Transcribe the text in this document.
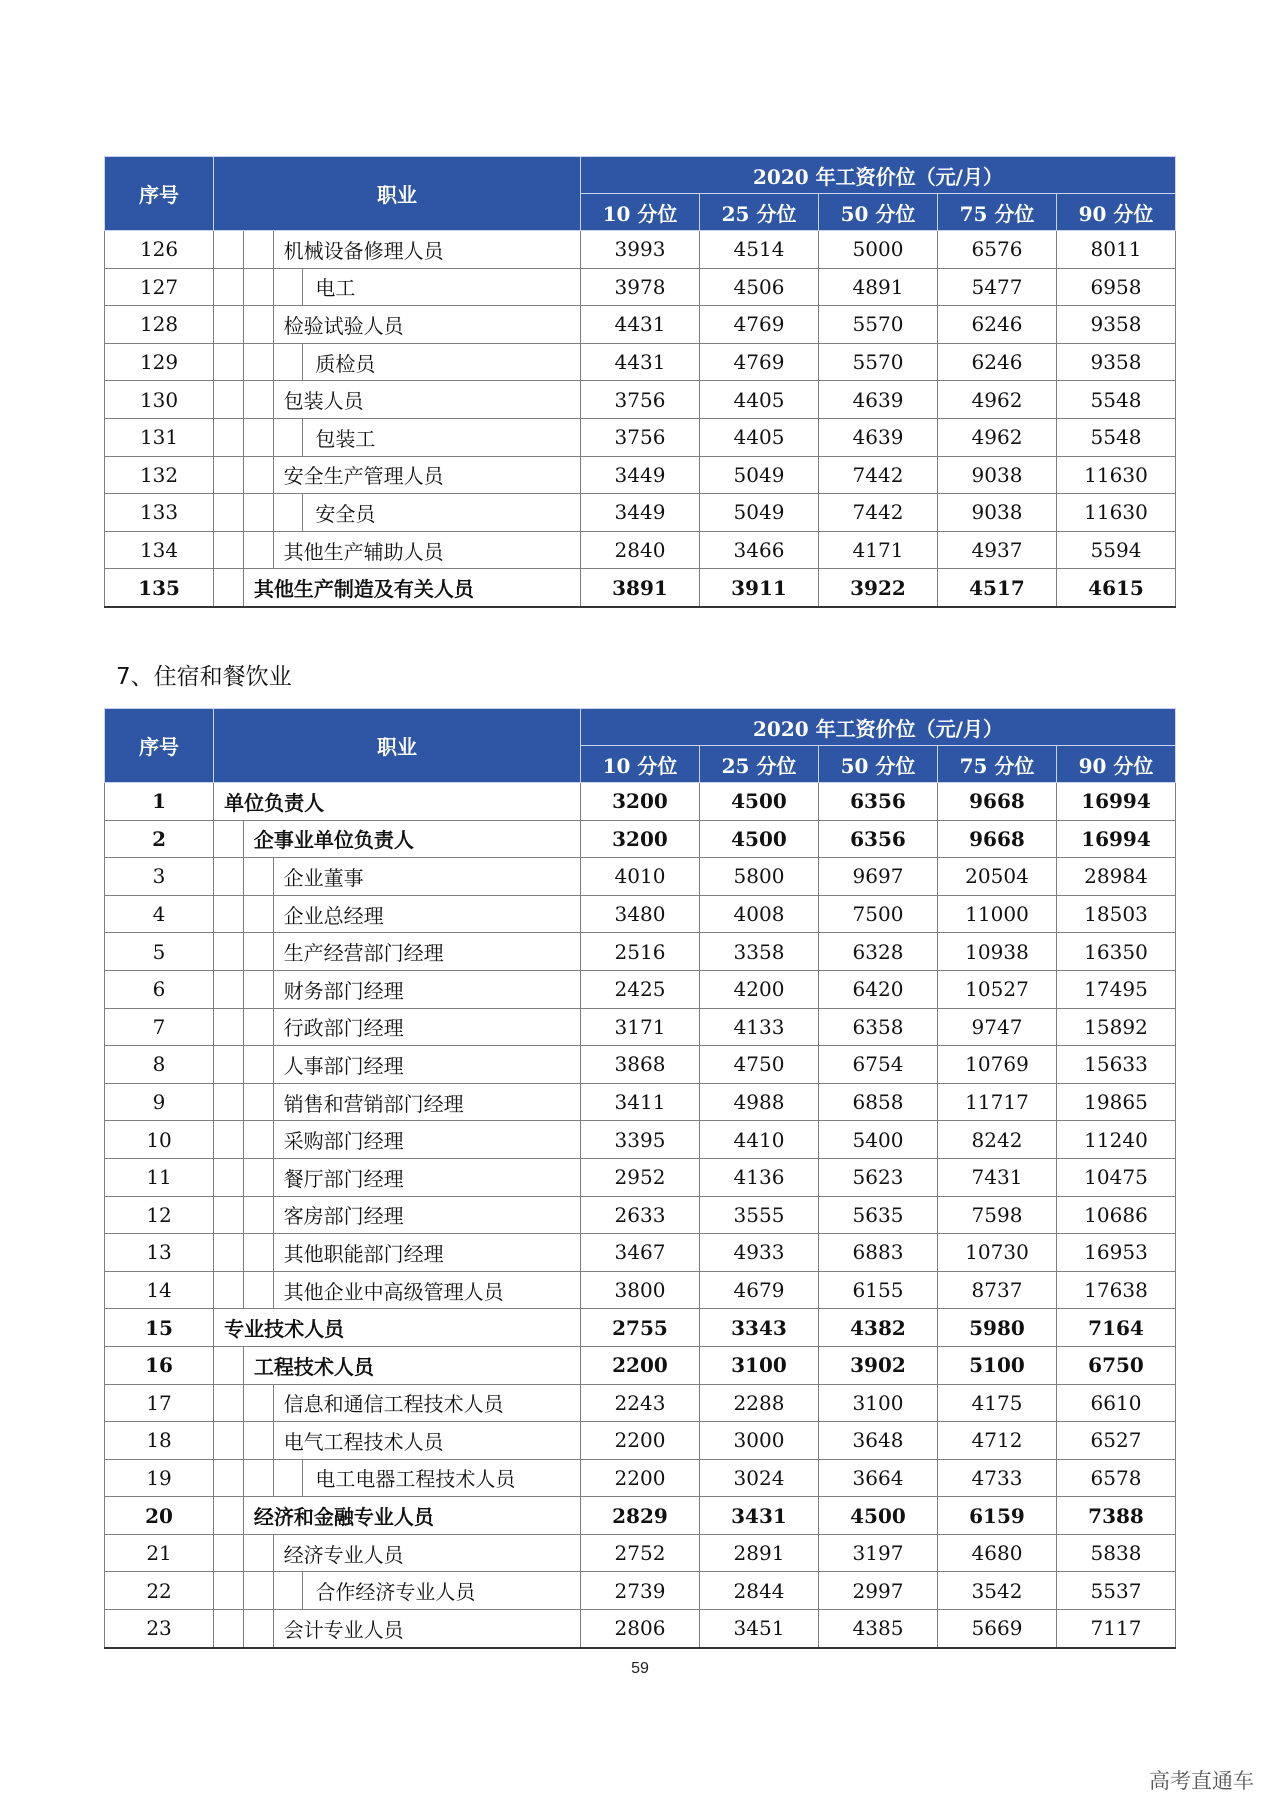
序号	职业				2020 年工资价位（元/月）				
					10 分位	25 分位	50 分位	75 分位	90 分位
126			机械设备修理人员		3993	4514	5000	6576	8011
127				电工	3978	4506	4891	5477	6958
128			检验试验人员		4431	4769	5570	6246	9358
129				质检员	4431	4769	5570	6246	9358
130			包装人员		3756	4405	4639	4962	5548
131				包装工	3756	4405	4639	4962	5548
132			安全生产管理人员		3449	5049	7442	9038	11630
133				安全员	3449	5049	7442	9038	11630
134			其他生产辅助人员		2840	3466	4171	4937	5594
135		其他生产制造及有关人员			3891	3911	3922	4517	4615
7、住宿和餐饮业
序号	职业				2020 年工资价位（元/月）				
					10 分位	25 分位	50 分位	75 分位	90 分位
1	单位负责人				3200	4500	6356	9668	16994
2		企事业单位负责人			3200	4500	6356	9668	16994
3			企业董事		4010	5800	9697	20504	28984
4			企业总经理		3480	4008	7500	11000	18503
5			生产经营部门经理		2516	3358	6328	10938	16350
6			财务部门经理		2425	4200	6420	10527	17495
7			行政部门经理		3171	4133	6358	9747	15892
8			人事部门经理		3868	4750	6754	10769	15633
9			销售和营销部门经理		3411	4988	6858	11717	19865
10			采购部门经理		3395	4410	5400	8242	11240
11			餐厅部门经理		2952	4136	5623	7431	10475
12			客房部门经理		2633	3555	5635	7598	10686
13			其他职能部门经理		3467	4933	6883	10730	16953
14			其他企业中高级管理人员		3800	4679	6155	8737	17638
15	专业技术人员				2755	3343	4382	5980	7164
16		工程技术人员			2200	3100	3902	5100	6750
17			信息和通信工程技术人员		2243	2288	3100	4175	6610
18			电气工程技术人员		2200	3000	3648	4712	6527
19				电工电器工程技术人员	2200	3024	3664	4733	6578
20		经济和金融专业人员			2829	3431	4500	6159	7388
21			经济专业人员		2752	2891	3197	4680	5838
22				合作经济专业人员	2739	2844	2997	3542	5537
23			会计专业人员		2806	3451	4385	5669	7117
59
高考直通车
